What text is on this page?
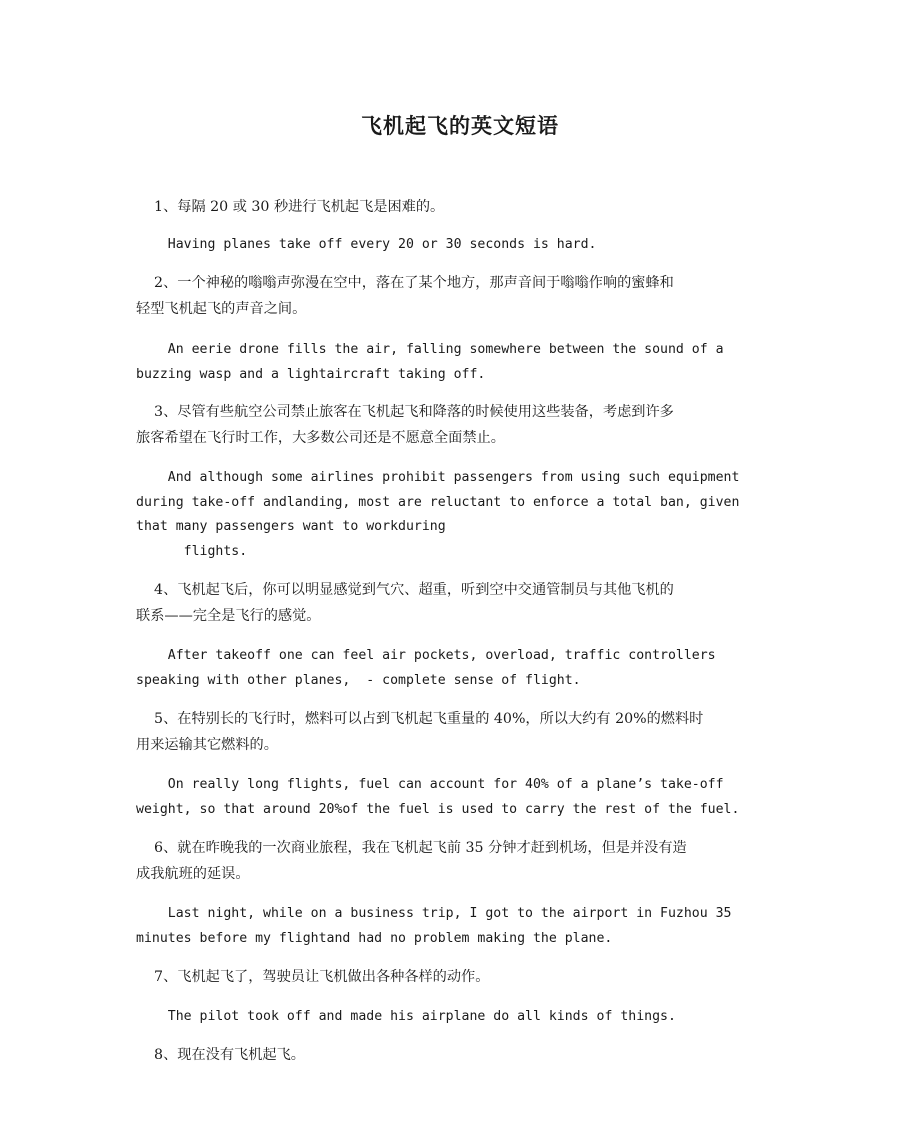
飞机起飞的英文短语

1、每隔 20 或 30 秒进行飞机起飞是困难的。

Having planes take off every 20 or 30 seconds is hard.

2、一个神秘的嗡嗡声弥漫在空中，落在了某个地方，那声音间于嗡嗡作响的蜜蜂和
轻型飞机起飞的声音之间。

An eerie drone fills the air, falling somewhere between the sound of a
buzzing wasp and a lightaircraft taking off.

3、尽管有些航空公司禁止旅客在飞机起飞和降落的时候使用这些装备，考虑到许多
旅客希望在飞行时工作，大多数公司还是不愿意全面禁止。

And although some airlines prohibit passengers from using such equipment
during take-off andlanding, most are reluctant to enforce a total ban, given
that many passengers want to workduring
flights.

4、飞机起飞后，你可以明显感觉到气穴、超重，听到空中交通管制员与其他飞机的
联系——完全是飞行的感觉。

After takeoff one can feel air pockets, overload, traffic controllers
speaking with other planes,  - complete sense of flight.

5、在特别长的飞行时，燃料可以占到飞机起飞重量的 40%，所以大约有 20%的燃料时
用来运输其它燃料的。

On really long flights, fuel can account for 40% of a plane’s take-off
weight, so that around 20%of the fuel is used to carry the rest of the fuel.

6、就在昨晚我的一次商业旅程，我在飞机起飞前 35 分钟才赶到机场，但是并没有造
成我航班的延误。

Last night, while on a business trip, I got to the airport in Fuzhou 35
minutes before my flightand had no problem making the plane.

7、飞机起飞了，驾驶员让飞机做出各种各样的动作。

The pilot took off and made his airplane do all kinds of things.

8、现在没有飞机起飞。
